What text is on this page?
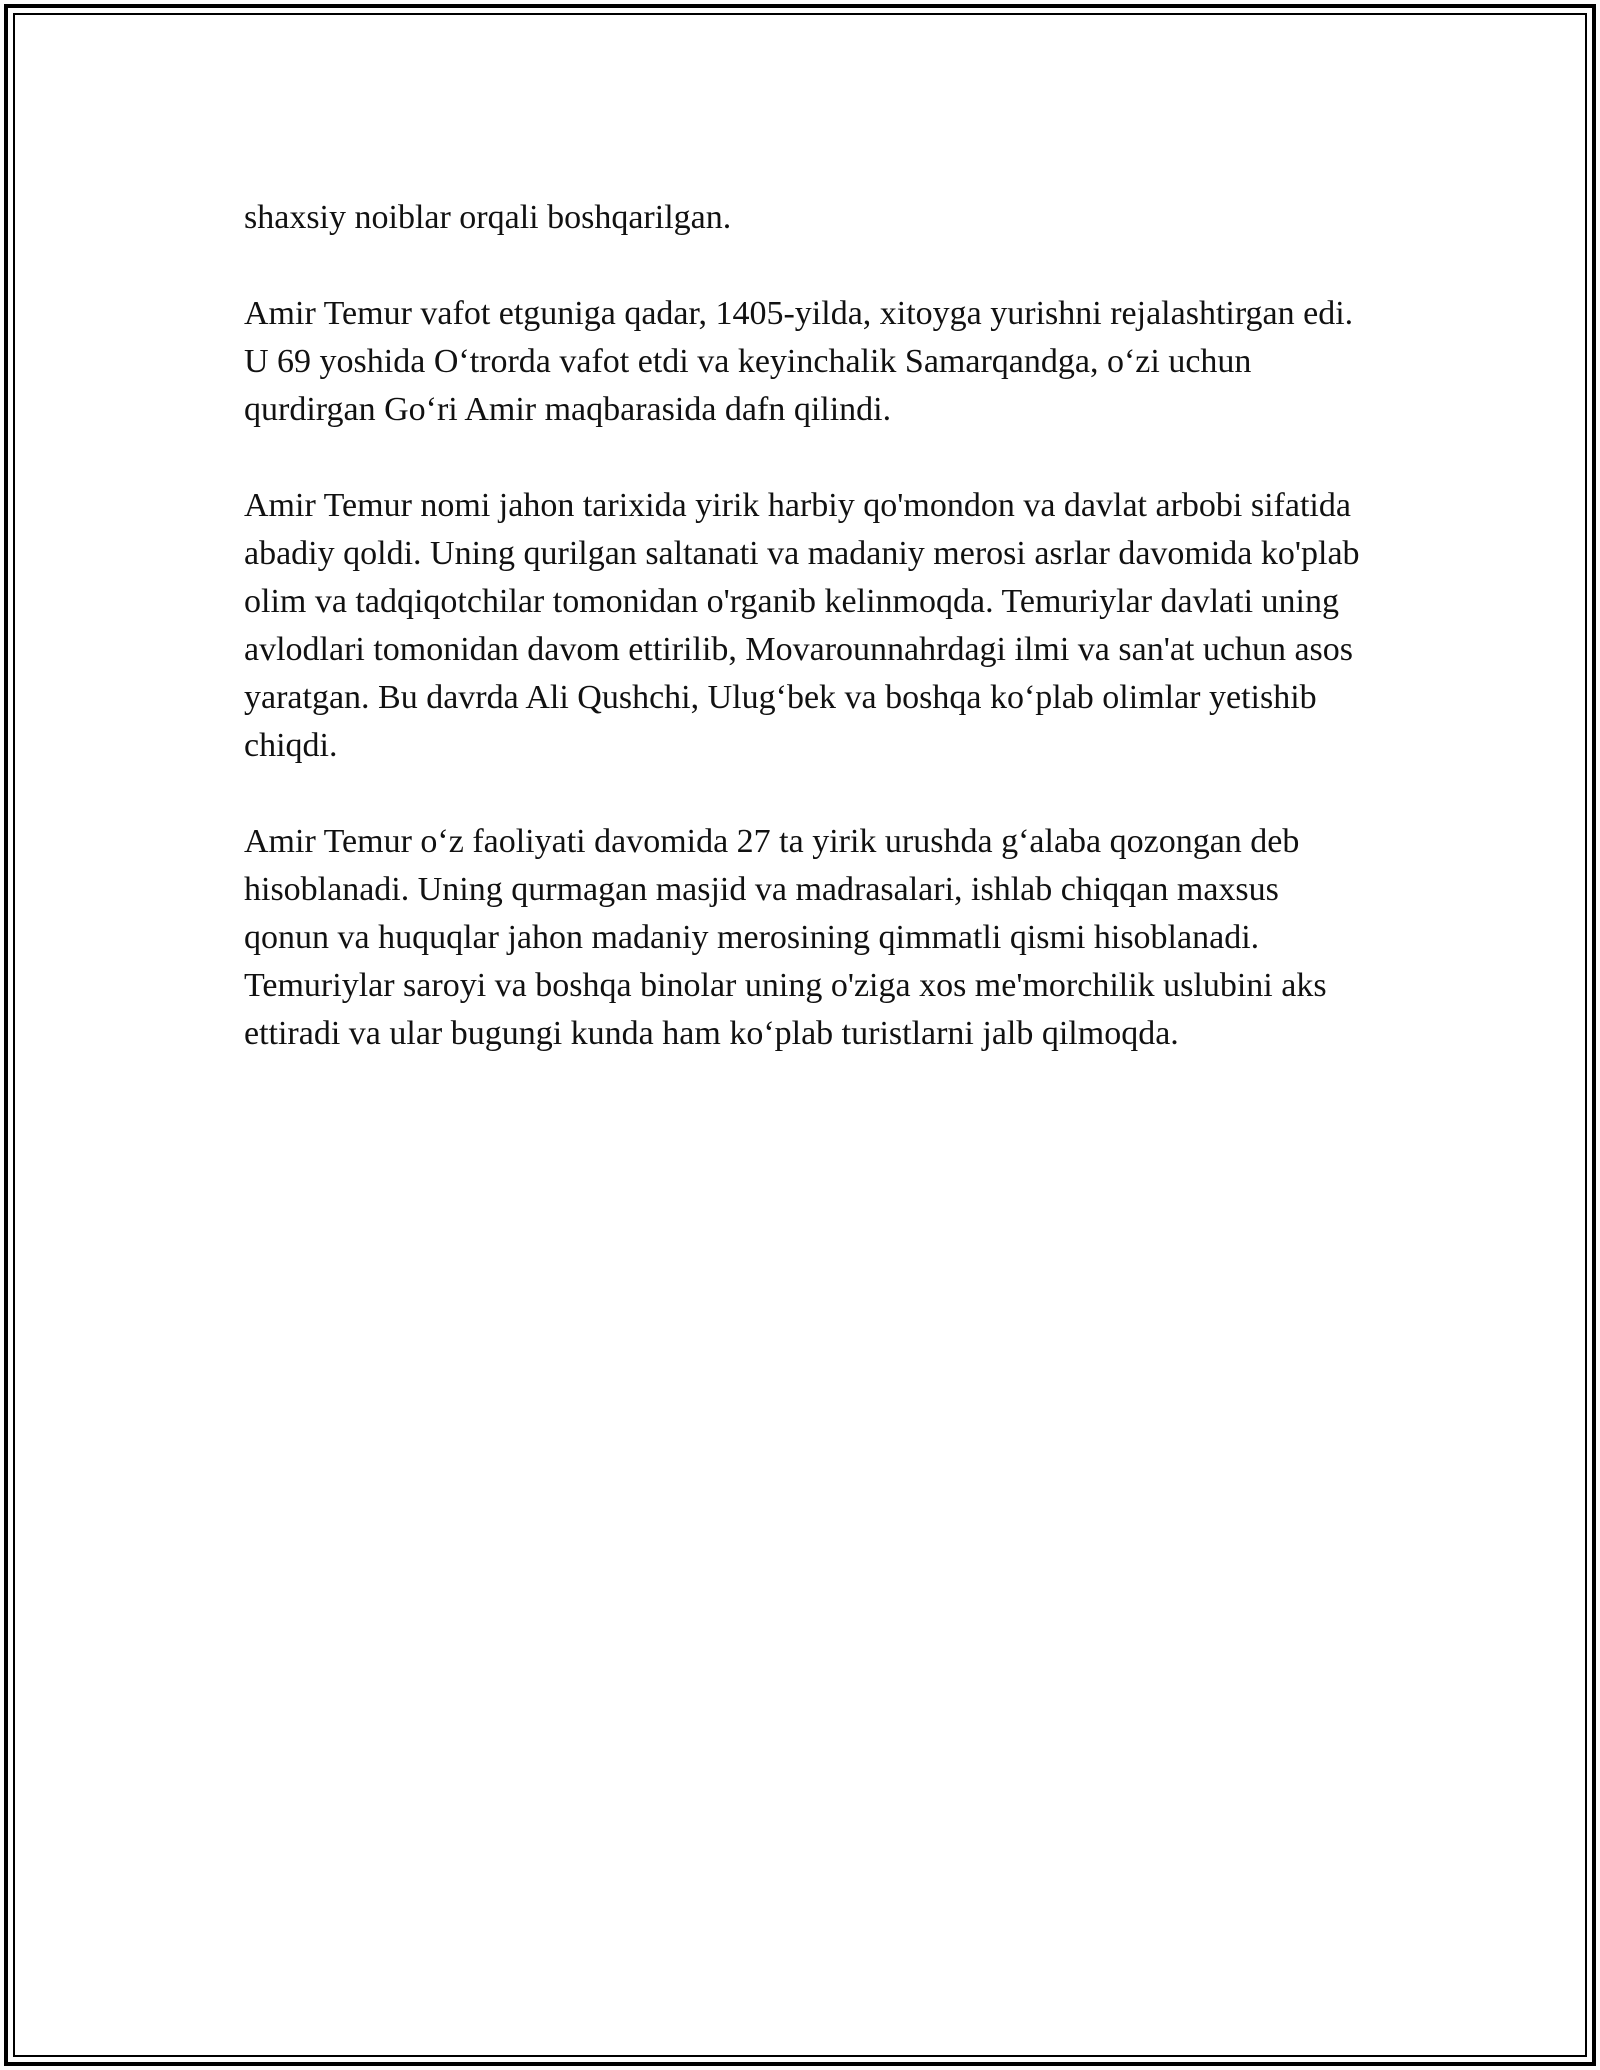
shaxsiy noiblar orqali boshqarilgan.

Amir Temur vafot etguniga qadar, 1405-yilda, xitoyga yurishni rejalashtirgan edi. U 69 yoshida O‘trorda vafot etdi va keyinchalik Samarqandga, o‘zi uchun qurdirgan Go‘ri Amir maqbarasida dafn qilindi.

Amir Temur nomi jahon tarixida yirik harbiy qo'mondon va davlat arbobi sifatida abadiy qoldi. Uning qurilgan saltanati va madaniy merosi asrlar davomida ko'plab olim va tadqiqotchilar tomonidan o'rganib kelinmoqda. Temuriylar davlati uning avlodlari tomonidan davom ettirilib, Movarounnahrdagi ilmi va san'at uchun asos yaratgan. Bu davrda Ali Qushchi, Ulug‘bek va boshqa ko‘plab olimlar yetishib chiqdi.

Amir Temur o‘z faoliyati davomida 27 ta yirik urushda g‘alaba qozongan deb hisoblanadi. Uning qurmagan masjid va madrasalari, ishlab chiqqan maxsus qonun va huquqlar jahon madaniy merosining qimmatli qismi hisoblanadi. Temuriylar saroyi va boshqa binolar uning o'ziga xos me'morchilik uslubini aks ettiradi va ular bugungi kunda ham ko‘plab turistlarni jalb qilmoqda.
